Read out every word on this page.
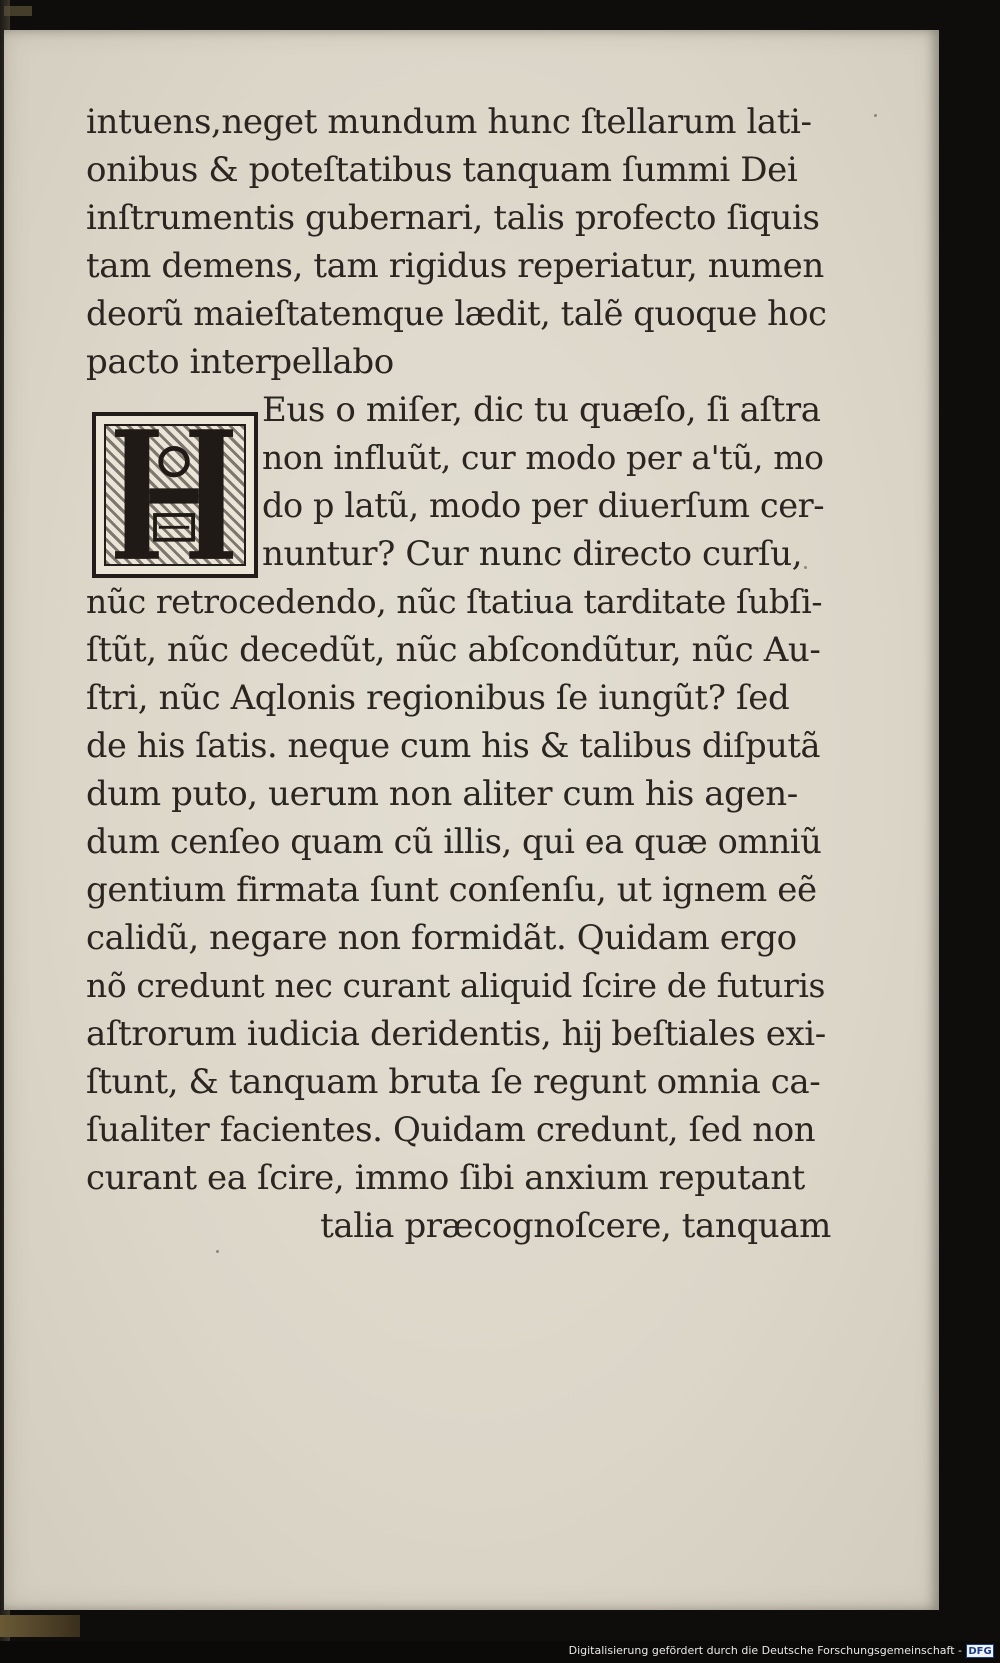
intuens,neget mundum hunc ſtellarum lati-
onibus & poteſtatibus tanquam ſummi Dei
inſtrumentis gubernari, talis profecto ſiquis
tam demens, tam rigidus reperiatur, numen
deorũ maieſtatemque lædit, talẽ quoque hoc
pacto interpellabo
Eus o miſer, dic tu quæſo, ſi aſtra
non influũt, cur modo per a'tũ, mo
do p latũ, modo per diuerſum cer-
nuntur? Cur nunc directo curſu,
nũc retrocedendo, nũc ſtatiua tarditate ſubſi-
ſtũt, nũc decedũt, nũc abſcondũtur, nũc Au-
ſtri, nũc Aqlonis regionibus ſe iungũt? ſed
de his ſatis. neque cum his & talibus diſputã
dum puto, uerum non aliter cum his agen-
dum cenſeo quam cũ illis, qui ea quæ omniũ
gentium firmata ſunt conſenſu, ut ignem eẽ
calidũ, negare non formidãt. Quidam ergo
nõ credunt nec curant aliquid ſcire de futuris
aſtrorum iudicia deridentis, hĳ beſtiales exi-
ſtunt, & tanquam bruta ſe regunt omnia ca-
ſualiter facientes. Quidam credunt, ſed non
curant ea ſcire, immo ſibi anxium reputant
talia præcognoſcere, tanquam
Digitalisierung gefördert durch die Deutsche Forschungsgemeinschaft - DFG
